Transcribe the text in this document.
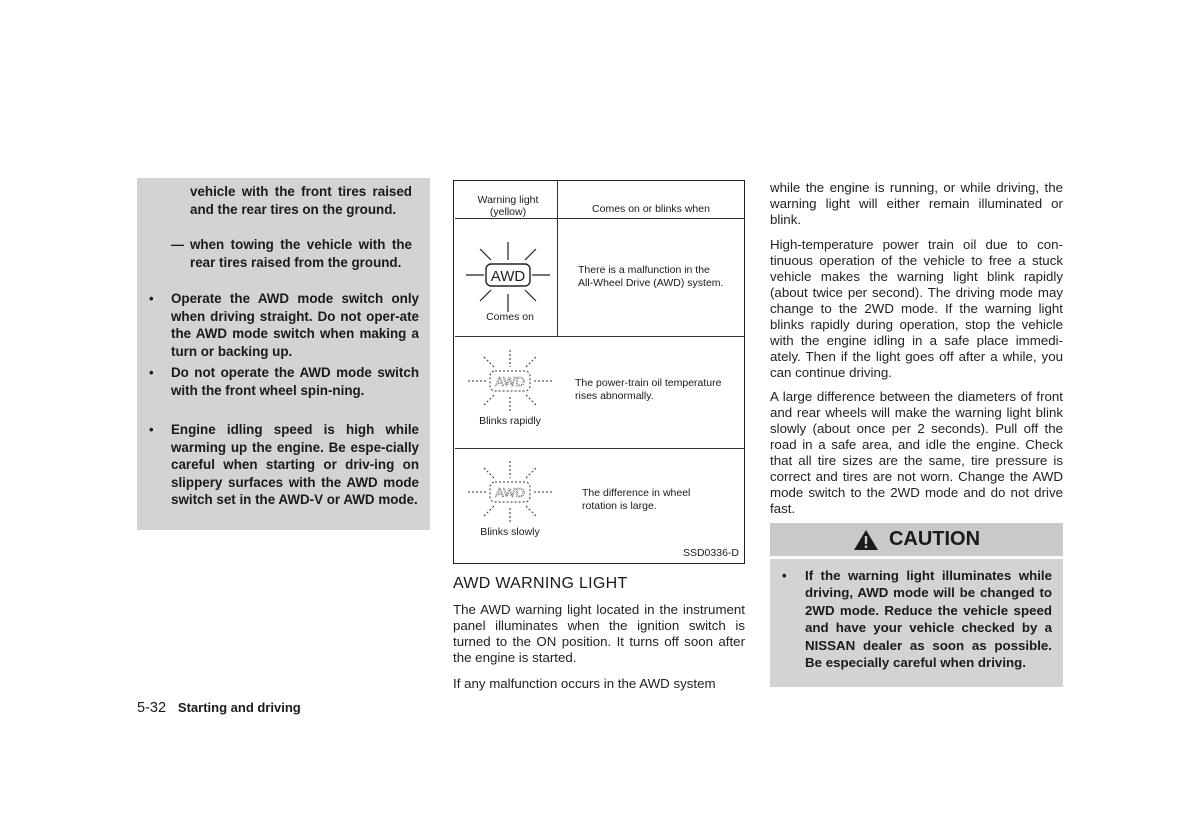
vehicle with the front tires raised and the rear tires on the ground.
— when towing the vehicle with the rear tires raised from the ground.
• Operate the AWD mode switch only when driving straight. Do not oper-ate the AWD mode switch when making a turn or backing up.
• Do not operate the AWD mode switch with the front wheel spin-ning.
• Engine idling speed is high while warming up the engine. Be espe-cially careful when starting or driv-ing on slippery surfaces with the AWD mode switch set in the AWD-V or AWD mode.
Warning light
(yellow)	Comes on or blinks when
AWD
Comes on
There is a malfunction in the
All-Wheel Drive (AWD) system.
AWD
Blinks rapidly
The power-train oil temperature
rises abnormally.
AWD
Blinks slowly
The difference in wheel
rotation is large.
SSD0336-D
AWD WARNING LIGHT
The AWD warning light located in the instrument panel illuminates when the ignition switch is turned to the ON position. It turns off soon after the engine is started.
If any malfunction occurs in the AWD system
while the engine is running, or while driving, the warning light will either remain illuminated or blink.
High-temperature power train oil due to con-tinuous operation of the vehicle to free a stuck vehicle makes the warning light blink rapidly (about twice per second). The driving mode may change to the 2WD mode. If the warning light blinks rapidly during operation, stop the vehicle with the engine idling in a safe place immedi-ately. Then if the light goes off after a while, you can continue driving.
A large difference between the diameters of front and rear wheels will make the warning light blink slowly (about once per 2 seconds). Pull off the road in a safe area, and idle the engine. Check that all tire sizes are the same, tire pressure is correct and tires are not worn. Change the AWD mode switch to the 2WD mode and do not drive fast.
CAUTION
• If the warning light illuminates while driving, AWD mode will be changed to 2WD mode. Reduce the vehicle speed and have your vehicle checked by a NISSAN dealer as soon as possible. Be especially careful when driving.
5-32 Starting and driving
